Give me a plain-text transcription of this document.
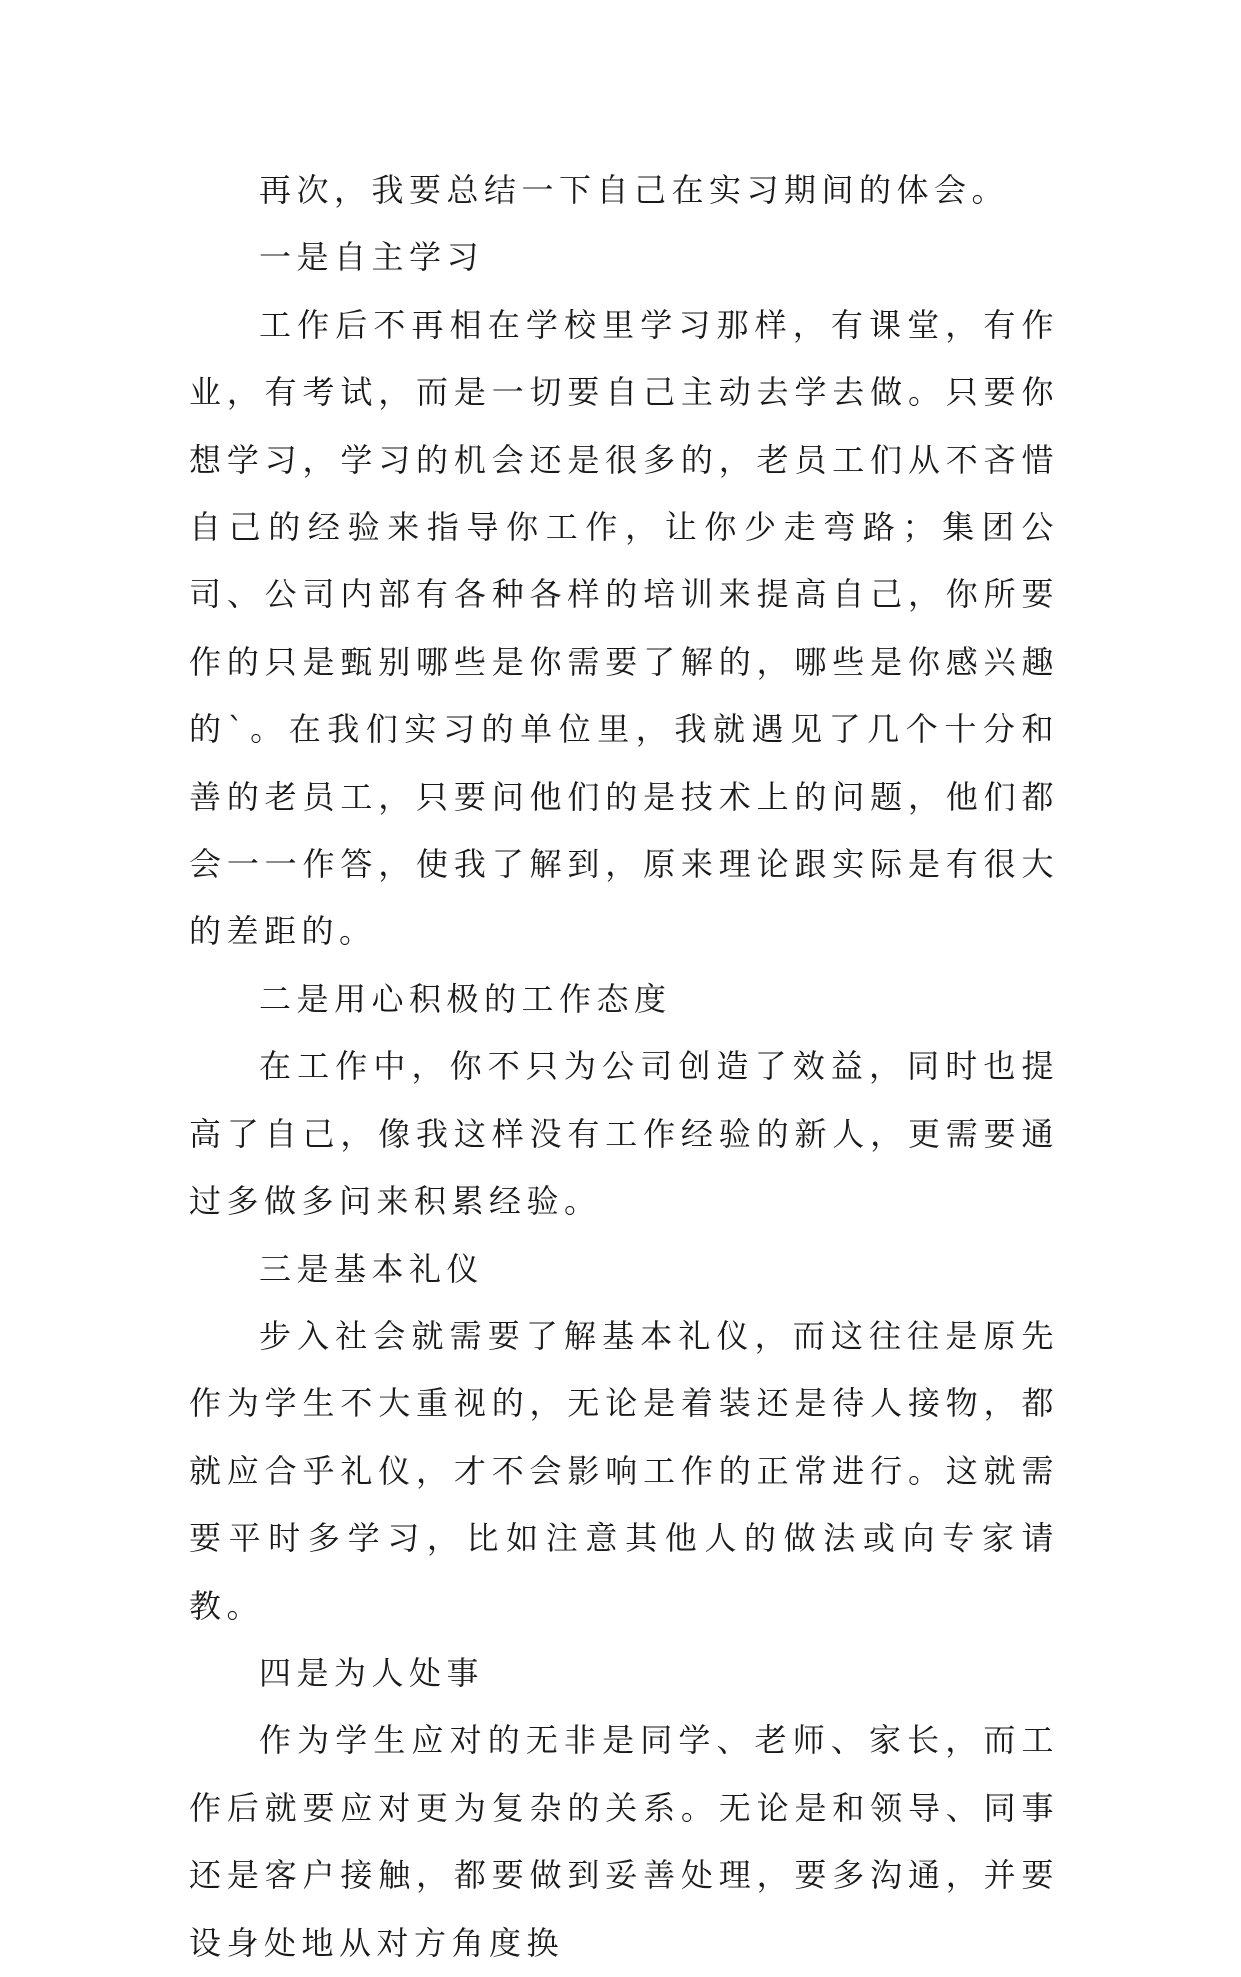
再次，我要总结一下自己在实习期间的体会。

一是自主学习

工作后不再相在学校里学习那样，有课堂，有作业，有考试，而是一切要自己主动去学去做。只要你想学习，学习的机会还是很多的，老员工们从不吝惜自己的经验来指导你工作，让你少走弯路；集团公司、公司内部有各种各样的培训来提高自己，你所要作的只是甄别哪些是你需要了解的，哪些是你感兴趣的`。在我们实习的单位里，我就遇见了几个十分和善的老员工，只要问他们的是技术上的问题，他们都会一一作答，使我了解到，原来理论跟实际是有很大的差距的。

二是用心积极的工作态度

在工作中，你不只为公司创造了效益，同时也提高了自己，像我这样没有工作经验的新人，更需要通过多做多问来积累经验。

三是基本礼仪

步入社会就需要了解基本礼仪，而这往往是原先作为学生不大重视的，无论是着装还是待人接物，都就应合乎礼仪，才不会影响工作的正常进行。这就需要平时多学习，比如注意其他人的做法或向专家请教。

四是为人处事

作为学生应对的无非是同学、老师、家长，而工作后就要应对更为复杂的关系。无论是和领导、同事还是客户接触，都要做到妥善处理，要多沟通，并要设身处地从对方角度换
